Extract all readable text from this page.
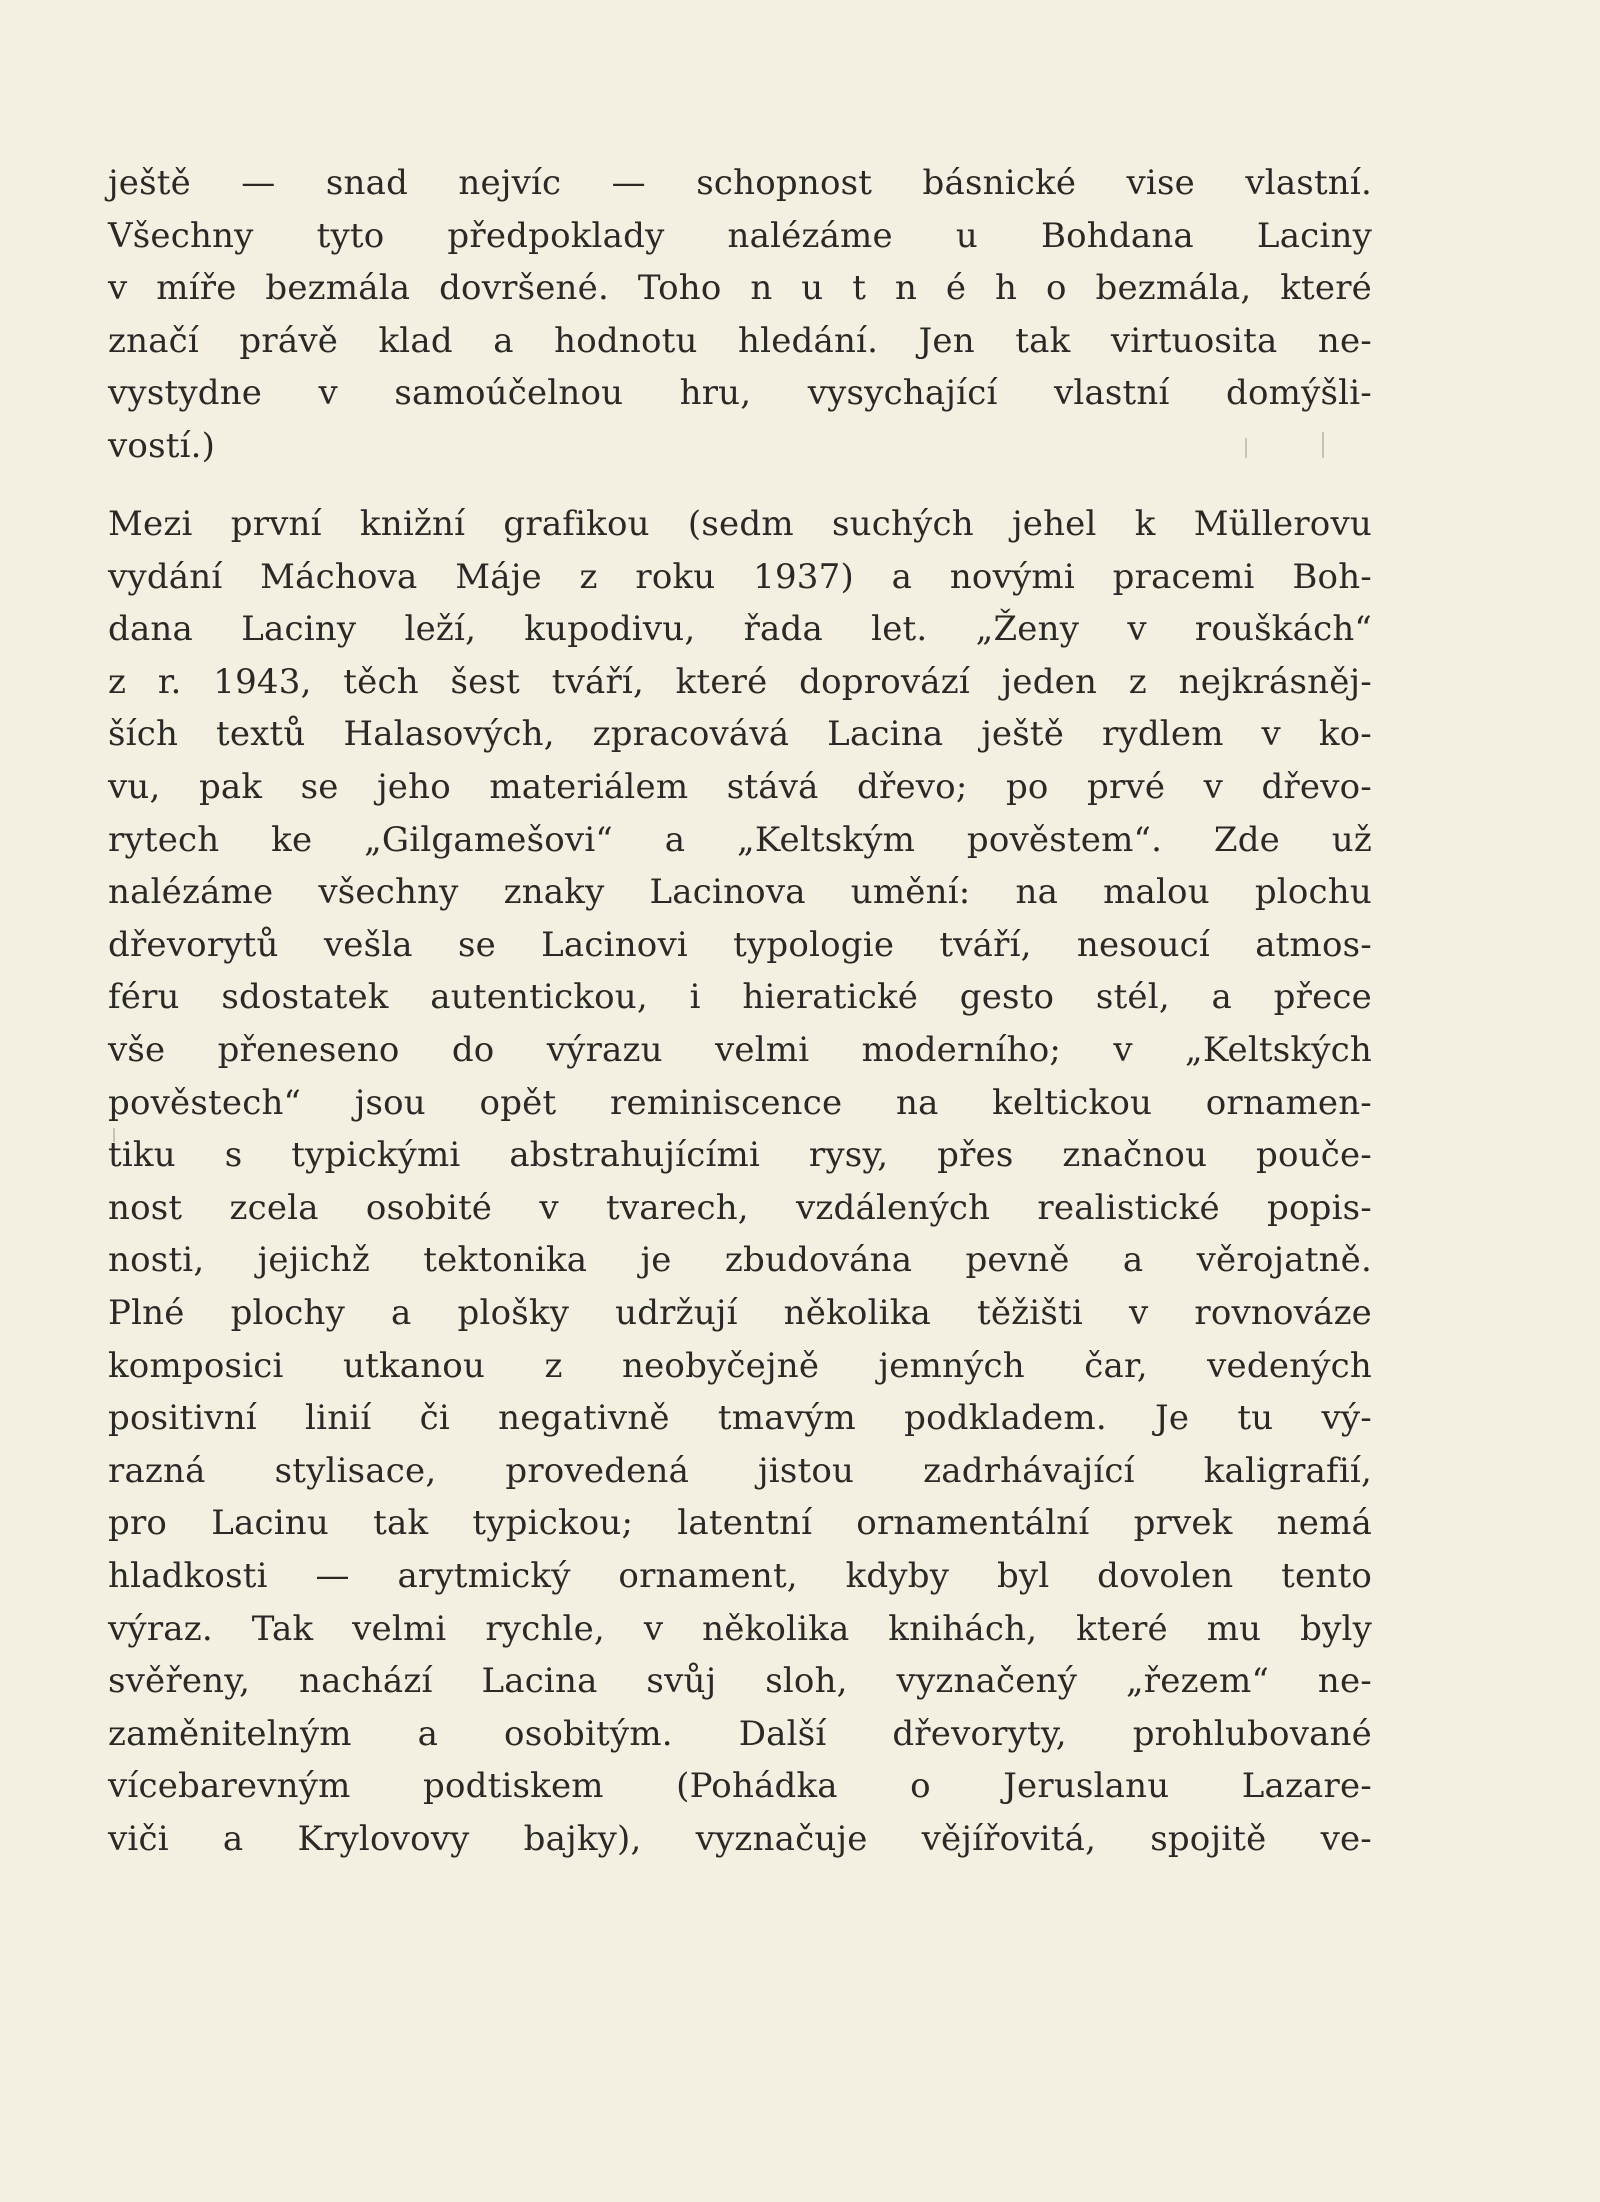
ještě — snad nejvíc — schopnost básnické vise vlastní.
Všechny tyto předpoklady nalézáme u Bohdana Laciny
v míře bezmála dovršené. Toho n u t n é h o bezmála, které
značí právě klad a hodnotu hledání. Jen tak virtuosita ne-
vystydne v samoúčelnou hru, vysychající vlastní domýšli-
vostí.)
Mezi první knižní grafikou (sedm suchých jehel k Müllerovu
vydání Máchova Máje z roku 1937) a novými pracemi Boh-
dana Laciny leží, kupodivu, řada let. „Ženy v rouškách“
z r. 1943, těch šest tváří, které doprovází jeden z nejkrásněj-
ších textů Halasových, zpracovává Lacina ještě rydlem v ko-
vu, pak se jeho materiálem stává dřevo; po prvé v dřevo-
rytech ke „Gilgamešovi“ a „Keltským pověstem“. Zde už
nalézáme všechny znaky Lacinova umění: na malou plochu
dřevorytů vešla se Lacinovi typologie tváří, nesoucí atmos-
féru sdostatek autentickou, i hieratické gesto stél, a přece
vše přeneseno do výrazu velmi moderního; v „Keltských
pověstech“ jsou opět reminiscence na keltickou ornamen-
tiku s typickými abstrahujícími rysy, přes značnou pouče-
nost zcela osobité v tvarech, vzdálených realistické popis-
nosti, jejichž tektonika je zbudována pevně a věrojatně.
Plné plochy a plošky udržují několika těžišti v rovnováze
komposici utkanou z neobyčejně jemných čar, vedených
positivní linií či negativně tmavým podkladem. Je tu vý-
razná stylisace, provedená jistou zadrhávající kaligrafií,
pro Lacinu tak typickou; latentní ornamentální prvek nemá
hladkosti — arytmický ornament, kdyby byl dovolen tento
výraz. Tak velmi rychle, v několika knihách, které mu byly
svěřeny, nachází Lacina svůj sloh, vyznačený „řezem“ ne-
zaměnitelným a osobitým. Další dřevoryty, prohlubované
vícebarevným podtiskem (Pohádka o Jeruslanu Lazare-
viči a Krylovovy bajky), vyznačuje vějířovitá, spojitě ve-
